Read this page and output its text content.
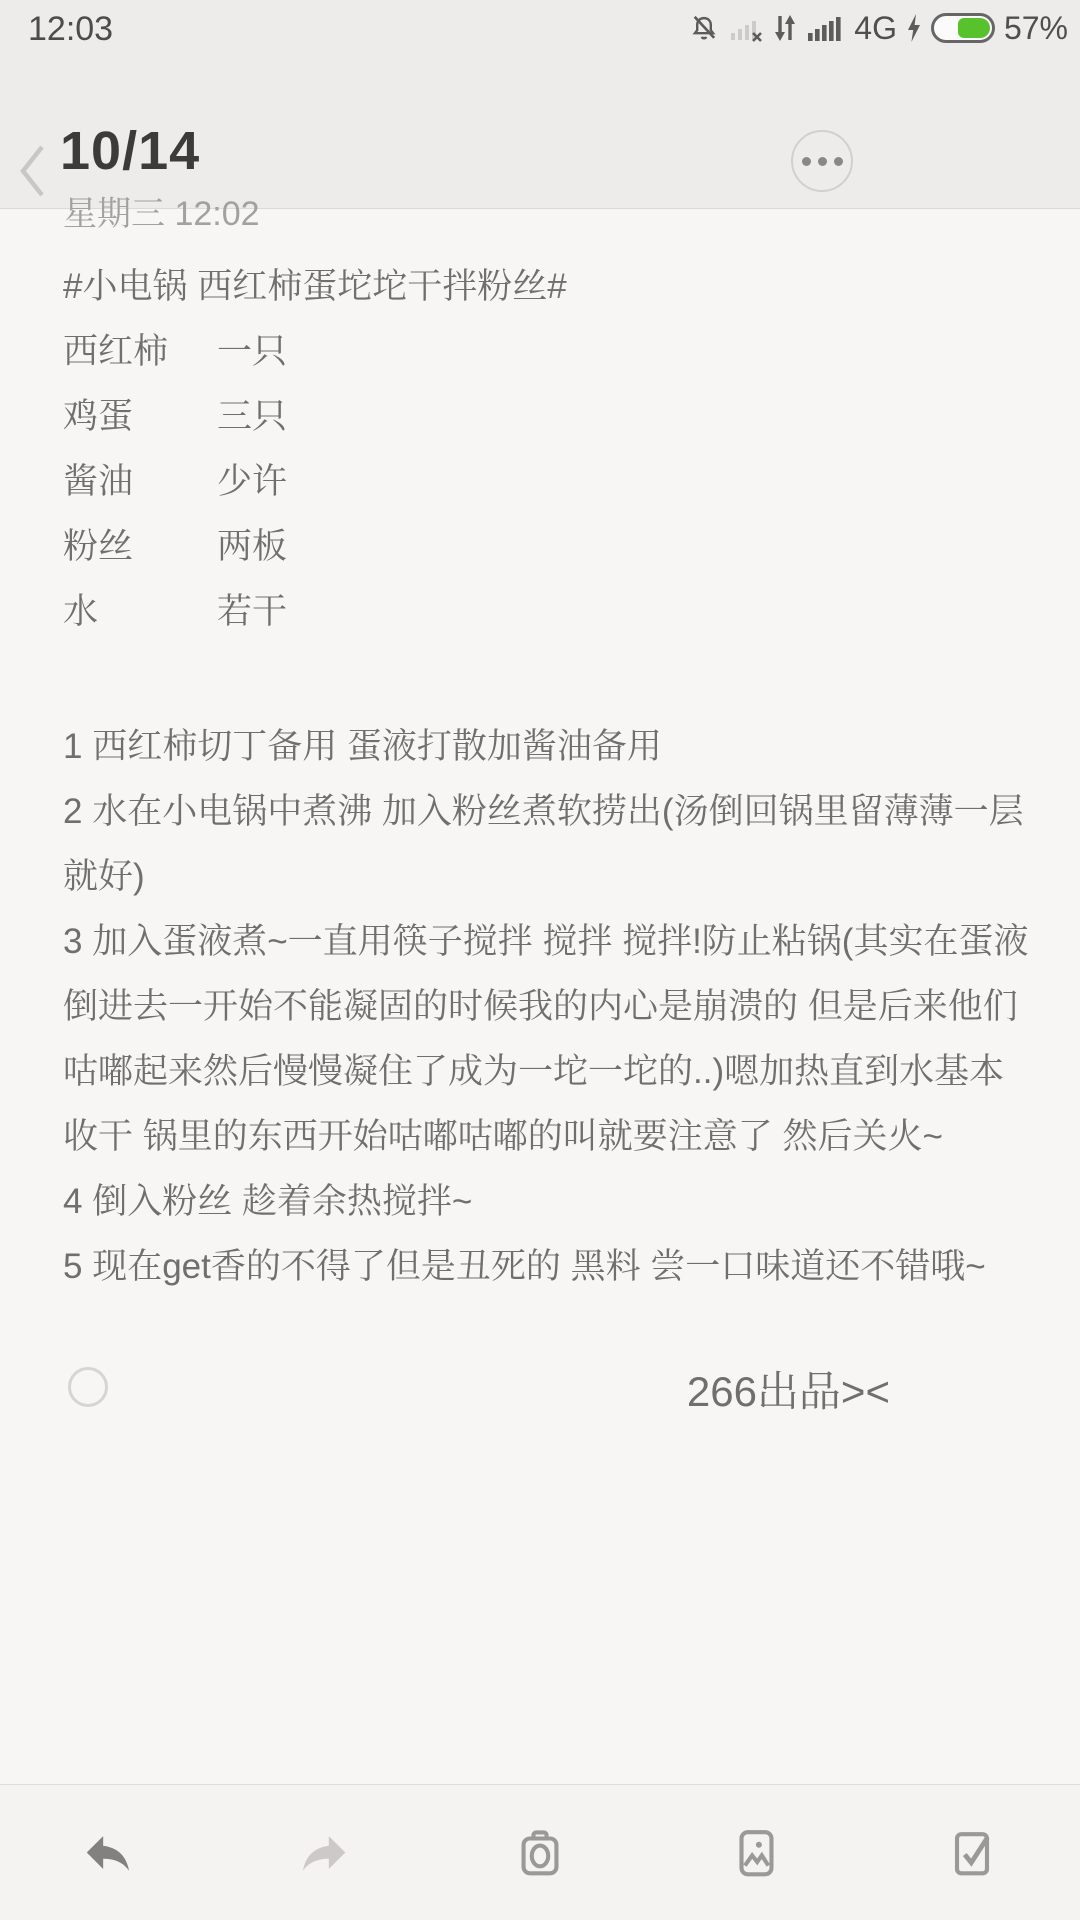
12:03	4G	57%
10/14
星期三 12:02
#小电锅 西红柿蛋坨坨干拌粉丝#
西红柿 一只
鸡蛋 三只
酱油 少许
粉丝 两板
水	若干
1 西红柿切丁备用 蛋液打散加酱油备用
2 水在小电锅中煮沸 加入粉丝煮软捞出(汤倒回锅里留薄薄一层
就好)
3 加入蛋液煮~一直用筷子搅拌 搅拌 搅拌!防止粘锅(其实在蛋液
倒进去一开始不能凝固的时候我的内心是崩溃的 但是后来他们
咕嘟起来然后慢慢凝住了成为一坨一坨的..)嗯加热直到水基本
收干 锅里的东西开始咕嘟咕嘟的叫就要注意了 然后关火~
4 倒入粉丝 趁着余热搅拌~
5 现在get香的不得了但是丑死的 黑料 尝一口味道还不错哦~
266出品><
